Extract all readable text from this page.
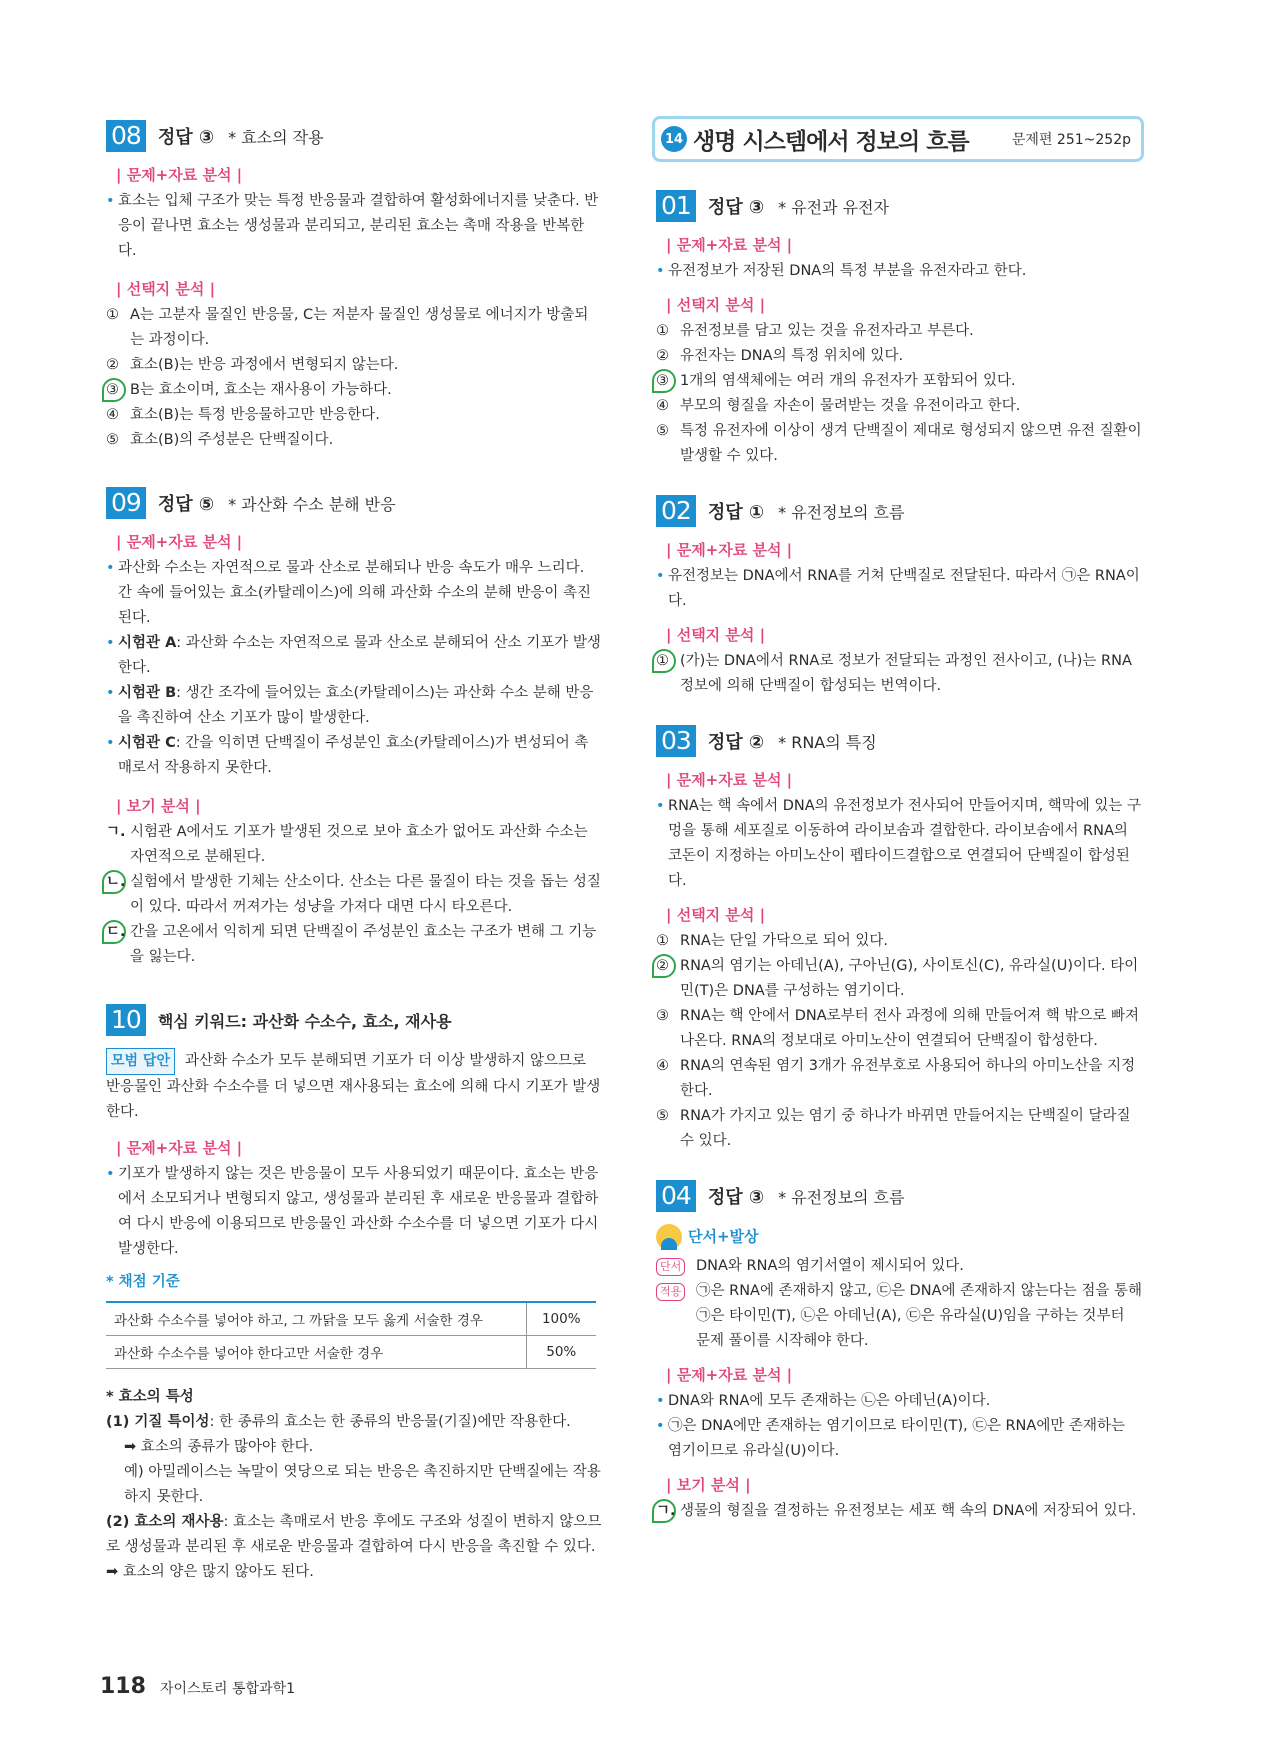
14 생명 시스템에서 정보의 흐름	문제편 251~252p
08 정답 ③ * 효소의 작용
| 문제+자료 분석 |
• 효소는 입체 구조가 맞는 특정 반응물과 결합하여 활성화에너지를 낮춘다. 반응이 끝나면 효소는 생성물과 분리되고, 분리된 효소는 촉매 작용을 반복한다.
| 선택지 분석 |
① A는 고분자 물질인 반응물, C는 저분자 물질인 생성물로 에너지가 방출되는 과정이다.
② 효소(B)는 반응 과정에서 변형되지 않는다.
③ B는 효소이며, 효소는 재사용이 가능하다.
④ 효소(B)는 특정 반응물하고만 반응한다.
⑤ 효소(B)의 주성분은 단백질이다.
09 정답 ⑤ * 과산화 수소 분해 반응
| 문제+자료 분석 |
• 과산화 수소는 자연적으로 물과 산소로 분해되나 반응 속도가 매우 느리다. 간 속에 들어있는 효소(카탈레이스)에 의해 과산화 수소의 분해 반응이 촉진된다.
• 시험관 A: 과산화 수소는 자연적으로 물과 산소로 분해되어 산소 기포가 발생한다.
• 시험관 B: 생간 조각에 들어있는 효소(카탈레이스)는 과산화 수소 분해 반응을 촉진하여 산소 기포가 많이 발생한다.
• 시험관 C: 간을 익히면 단백질이 주성분인 효소(카탈레이스)가 변성되어 촉매로서 작용하지 못한다.
| 보기 분석 |
ㄱ. 시험관 A에서도 기포가 발생된 것으로 보아 효소가 없어도 과산화 수소는 자연적으로 분해된다.
ㄴ. 실험에서 발생한 기체는 산소이다. 산소는 다른 물질이 타는 것을 돕는 성질이 있다. 따라서 꺼져가는 성냥을 가져다 대면 다시 타오른다.
ㄷ. 간을 고온에서 익히게 되면 단백질이 주성분인 효소는 구조가 변해 그 기능을 잃는다.
10	핵심 키워드: 과산화 수소수, 효소, 재사용
모범 답안 과산화 수소가 모두 분해되면 기포가 더 이상 발생하지 않으므로 반응물인 과산화 수소수를 더 넣으면 재사용되는 효소에 의해 다시 기포가 발생한다.
| 문제+자료 분석 |
• 기포가 발생하지 않는 것은 반응물이 모두 사용되었기 때문이다. 효소는 반응에서 소모되거나 변형되지 않고, 생성물과 분리된 후 새로운 반응물과 결합하여 다시 반응에 이용되므로 반응물인 과산화 수소수를 더 넣으면 기포가 다시 발생한다.
* 채점 기준
과산화 수소수를 넣어야 하고, 그 까닭을 모두 옳게 서술한 경우	100%
과산화 수소수를 넣어야 한다고만 서술한 경우	50%
* 효소의 특성
(1) 기질 특이성: 한 종류의 효소는 한 종류의 반응물(기질)에만 작용한다.
➡ 효소의 종류가 많아야 한다.
예) 아밀레이스는 녹말이 엿당으로 되는 반응은 촉진하지만 단백질에는 작용하지 못한다.
(2) 효소의 재사용: 효소는 촉매로서 반응 후에도 구조와 성질이 변하지 않으므로 생성물과 분리된 후 새로운 반응물과 결합하여 다시 반응을 촉진할 수 있다. ➡ 효소의 양은 많지 않아도 된다.
01 정답 ③ * 유전과 유전자
| 문제+자료 분석 |
• 유전정보가 저장된 DNA의 특정 부분을 유전자라고 한다.
| 선택지 분석 |
① 유전정보를 담고 있는 것을 유전자라고 부른다.
② 유전자는 DNA의 특정 위치에 있다.
③ 1개의 염색체에는 여러 개의 유전자가 포함되어 있다.
④ 부모의 형질을 자손이 물려받는 것을 유전이라고 한다.
⑤ 특정 유전자에 이상이 생겨 단백질이 제대로 형성되지 않으면 유전 질환이 발생할 수 있다.
02 정답 ① * 유전정보의 흐름
| 문제+자료 분석 |
• 유전정보는 DNA에서 RNA를 거쳐 단백질로 전달된다. 따라서 ㉠은 RNA이다.
| 선택지 분석 |
① (가)는 DNA에서 RNA로 정보가 전달되는 과정인 전사이고, (나)는 RNA 정보에 의해 단백질이 합성되는 번역이다.
03 정답 ② * RNA의 특징
| 문제+자료 분석 |
• RNA는 핵 속에서 DNA의 유전정보가 전사되어 만들어지며, 핵막에 있는 구멍을 통해 세포질로 이동하여 라이보솜과 결합한다. 라이보솜에서 RNA의 코돈이 지정하는 아미노산이 펩타이드결합으로 연결되어 단백질이 합성된다.
| 선택지 분석 |
① RNA는 단일 가닥으로 되어 있다.
② RNA의 염기는 아데닌(A), 구아닌(G), 사이토신(C), 유라실(U)이다. 타이민(T)은 DNA를 구성하는 염기이다.
③ RNA는 핵 안에서 DNA로부터 전사 과정에 의해 만들어져 핵 밖으로 빠져나온다. RNA의 정보대로 아미노산이 연결되어 단백질이 합성한다.
④ RNA의 연속된 염기 3개가 유전부호로 사용되어 하나의 아미노산을 지정한다.
⑤ RNA가 가지고 있는 염기 중 하나가 바뀌면 만들어지는 단백질이 달라질 수 있다.
04 정답 ③ * 유전정보의 흐름
단서+발상
단서 DNA와 RNA의 염기서열이 제시되어 있다.
적용 ㉠은 RNA에 존재하지 않고, ㉢은 DNA에 존재하지 않는다는 점을 통해 ㉠은 타이민(T), ㉡은 아데닌(A), ㉢은 유라실(U)임을 구하는 것부터 문제 풀이를 시작해야 한다.
| 문제+자료 분석 |
• DNA와 RNA에 모두 존재하는 ㉡은 아데닌(A)이다.
• ㉠은 DNA에만 존재하는 염기이므로 타이민(T), ㉢은 RNA에만 존재하는 염기이므로 유라실(U)이다.
| 보기 분석 |
ㄱ. 생물의 형질을 결정하는 유전정보는 세포 핵 속의 DNA에 저장되어 있다.
118 자이스토리 통합과학1
